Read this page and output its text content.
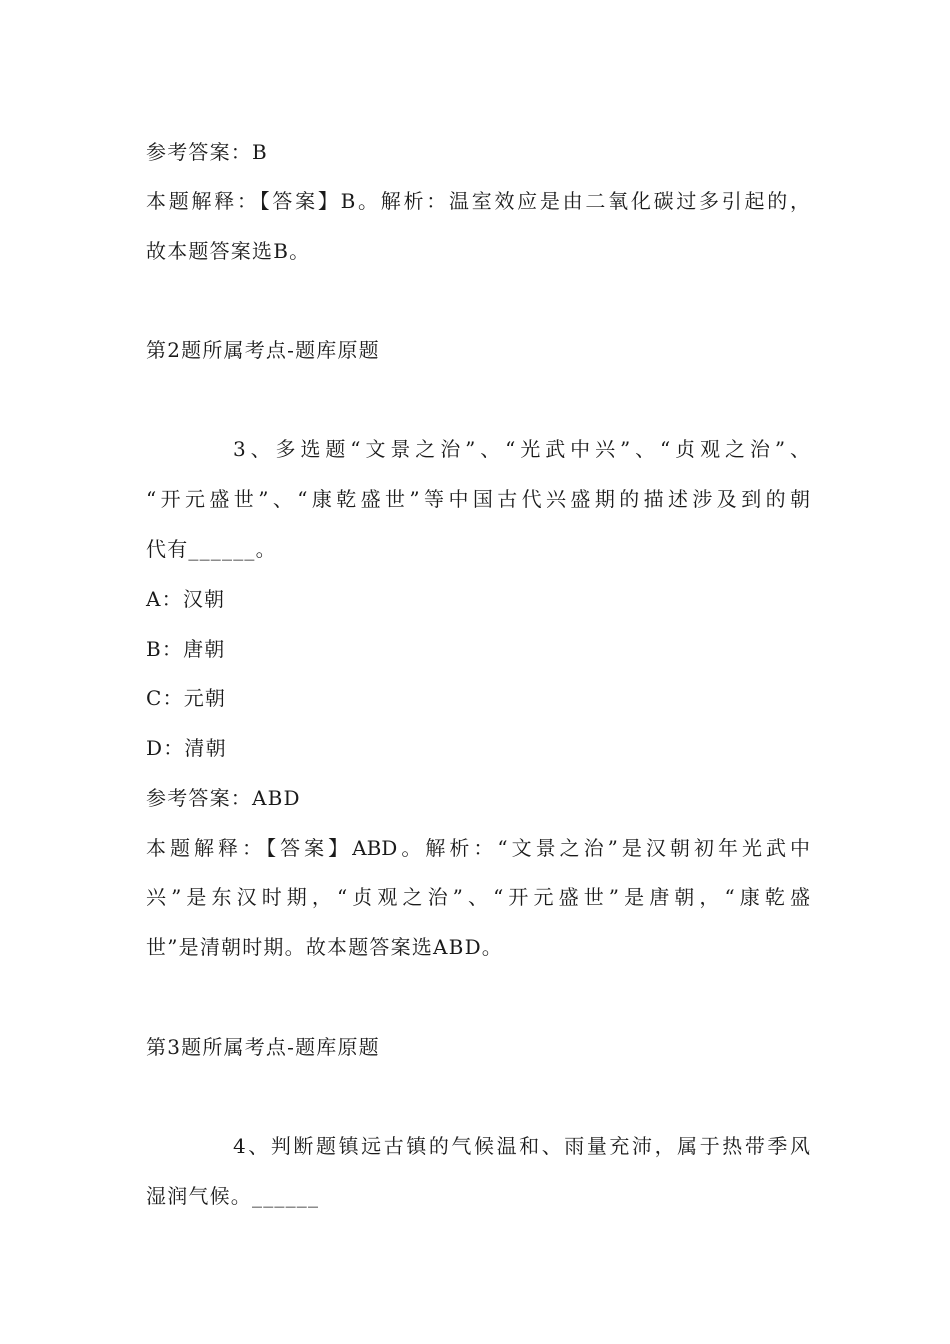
参考答案：B
本题解释：【答案】B。解析：温室效应是由二氧化碳过多引起的，
故本题答案选B。
第2题所属考点-题库原题
3、多选题“文景之治”、“光武中兴”、“贞观之治”、
“开元盛世”、“康乾盛世”等中国古代兴盛期的描述涉及到的朝
代有______。
A：汉朝
B：唐朝
C：元朝
D：清朝
参考答案：ABD
本题解释：【答案】ABD。解析：“文景之治”是汉朝初年光武中
兴”是东汉时期，“贞观之治”、“开元盛世”是唐朝，“康乾盛
世”是清朝时期。故本题答案选ABD。
第3题所属考点-题库原题
4、判断题镇远古镇的气候温和、雨量充沛，属于热带季风
湿润气候。______
